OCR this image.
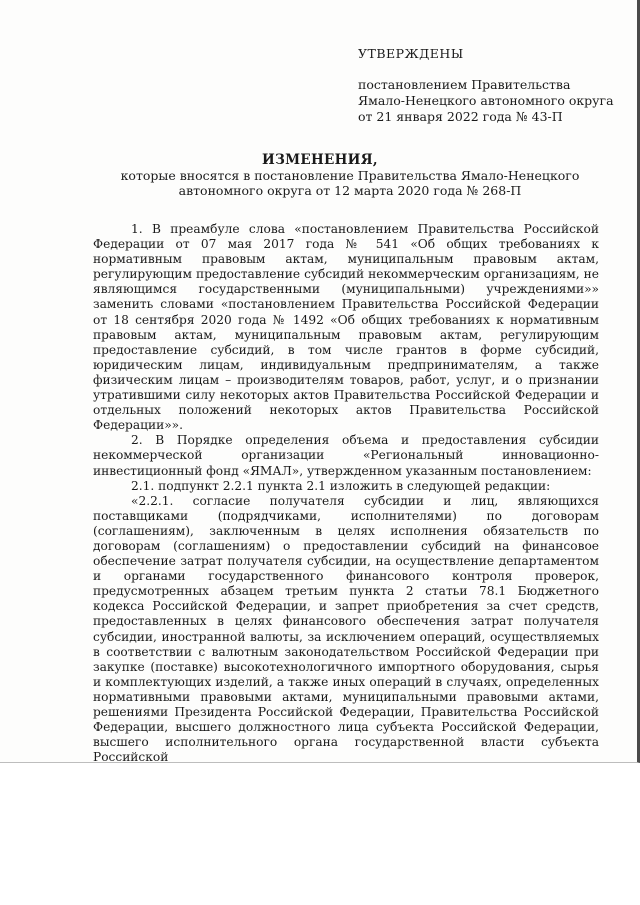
УТВЕРЖДЕНЫ
постановлением Правительства
Ямало-Ненецкого автономного округа
от 21 января 2022 года № 43-П
ИЗМЕНЕНИЯ,
которые вносятся в постановление Правительства Ямало-Ненецкого
автономного округа от 12 марта 2020 года № 268-П

1. В преамбуле слова «постановлением Правительства Российской Федерации от 07 мая 2017 года № 541 «Об общих требованиях к нормативным правовым актам, муниципальным правовым актам, регулирующим предоставление субсидий некоммерческим организациям, не являющимся государственными (муниципальными) учреждениями»» заменить словами «постановлением Правительства Российской Федерации от 18 сентября 2020 года № 1492 «Об общих требованиях к нормативным правовым актам, муниципальным правовым актам, регулирующим предоставление субсидий, в том числе грантов в форме субсидий, юридическим лицам, индивидуальным предпринимателям, а также физическим лицам – производителям товаров, работ, услуг, и о признании утратившими силу некоторых актов Правительства Российской Федерации и отдельных положений некоторых актов Правительства Российской Федерации»».

2. В Порядке определения объема и предоставления субсидии некоммерческой организации «Региональный инновационно-инвестиционный фонд «ЯМАЛ», утвержденном указанным постановлением:

2.1. подпункт 2.2.1 пункта 2.1 изложить в следующей редакции:

«2.2.1. согласие получателя субсидии и лиц, являющихся поставщиками (подрядчиками, исполнителями) по договорам (соглашениям), заключенным в целях исполнения обязательств по договорам (соглашениям) о предоставлении субсидий на финансовое обеспечение затрат получателя субсидии, на осуществление департаментом и органами государственного финансового контроля проверок, предусмотренных абзацем третьим пункта 2 статьи 78.1 Бюджетного кодекса Российской Федерации, и запрет приобретения за счет средств, предоставленных в целях финансового обеспечения затрат получателя субсидии, иностранной валюты, за исключением операций, осуществляемых в соответствии с валютным законодательством Российской Федерации при закупке (поставке) высокотехнологичного импортного оборудования, сырья и комплектующих изделий, а также иных операций в случаях, определенных нормативными правовыми актами, муниципальными правовыми актами, решениями Президента Российской Федерации, Правительства Российской Федерации, высшего должностного лица субъекта Российской Федерации, высшего исполнительного органа государственной власти субъекта Российской
